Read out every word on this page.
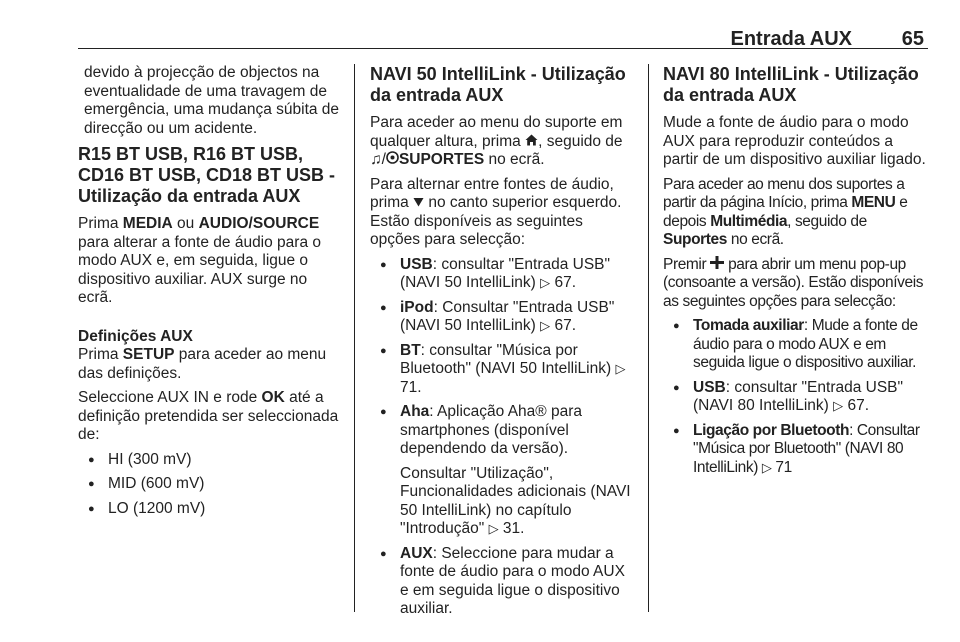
Entrada AUX 65

devido à projecção de objectos na eventualidade de uma travagem de emergência, uma mudança súbita de direcção ou um acidente.

R15 BT USB, R16 BT USB, CD16 BT USB, CD18 BT USB - Utilização da entrada AUX

Prima MEDIA ou AUDIO/SOURCE para alterar a fonte de áudio para o modo AUX e, em seguida, ligue o dispositivo auxiliar. AUX surge no ecrã.

Definições AUX

Prima SETUP para aceder ao menu das definições.

Seleccione AUX IN e rode OK até a definição pretendida ser seleccionada de:

● HI (300 mV)
● MID (600 mV)
● LO (1200 mV)
NAVI 50 IntelliLink - Utilização da entrada AUX

Para aceder ao menu do suporte em qualquer altura, prima , seguido de ♫/ SUPORTES no ecrã.

Para alternar entre fontes de áudio, prima  no canto superior esquerdo. Estão disponíveis as seguintes opções para selecção:

● USB: consultar "Entrada USB" (NAVI 50 IntelliLink) ▷ 67.
● iPod: Consultar "Entrada USB" (NAVI 50 IntelliLink) ▷ 67.
● BT: consultar "Música por Bluetooth" (NAVI 50 IntelliLink) ▷ 71.
● Aha: Aplicação Aha® para smartphones (disponível dependendo da versão).
Consultar "Utilização", Funcionalidades adicionais (NAVI 50 IntelliLink) no capítulo "Introdução" ▷ 31.
● AUX: Seleccione para mudar a fonte de áudio para o modo AUX e em seguida ligue o dispositivo auxiliar.
NAVI 80 IntelliLink - Utilização da entrada AUX

Mude a fonte de áudio para o modo AUX para reproduzir conteúdos a partir de um dispositivo auxiliar ligado.

Para aceder ao menu dos suportes a partir da página Início, prima MENU e depois Multimédia, seguido de Suportes no ecrã.

Premir  para abrir um menu pop-up (consoante a versão). Estão disponíveis as seguintes opções para selecção:

● Tomada auxiliar: Mude a fonte de áudio para o modo AUX e em seguida ligue o dispositivo auxiliar.
● USB: consultar "Entrada USB" (NAVI 80 IntelliLink) ▷ 67.
● Ligação por Bluetooth: Consultar "Música por Bluetooth" (NAVI 80 IntelliLink) ▷ 71
